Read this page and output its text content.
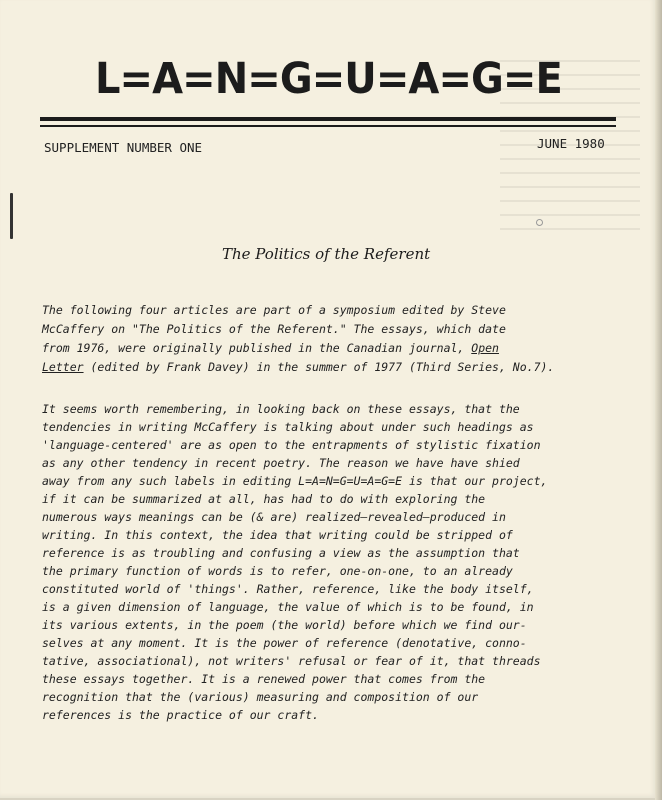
L=A=N=G=U=A=G=E
SUPPLEMENT NUMBER ONE	JUNE 1980
The Politics of the Referent
The following four articles are part of a symposium edited by Steve
McCaffery on "The Politics of the Referent." The essays, which date
from 1976, were originally published in the Canadian journal, Open
Letter (edited by Frank Davey) in the summer of 1977 (Third Series, No.7).
It seems worth remembering, in looking back on these essays, that the
tendencies in writing McCaffery is talking about under such headings as
'language-centered' are as open to the entrapments of stylistic fixation
as any other tendency in recent poetry. The reason we have have shied
away from any such labels in editing L=A=N=G=U=A=G=E is that our project,
if it can be summarized at all, has had to do with exploring the
numerous ways meanings can be (& are) realized—revealed—produced in
writing. In this context, the idea that writing could be stripped of
reference is as troubling and confusing a view as the assumption that
the primary function of words is to refer, one-on-one, to an already
constituted world of 'things'. Rather, reference, like the body itself,
is a given dimension of language, the value of which is to be found, in
its various extents, in the poem (the world) before which we find our-
selves at any moment. It is the power of reference (denotative, conno-
tative, associational), not writers' refusal or fear of it, that threads
these essays together. It is a renewed power that comes from the
recognition that the (various) measuring and composition of our
references is the practice of our craft.
